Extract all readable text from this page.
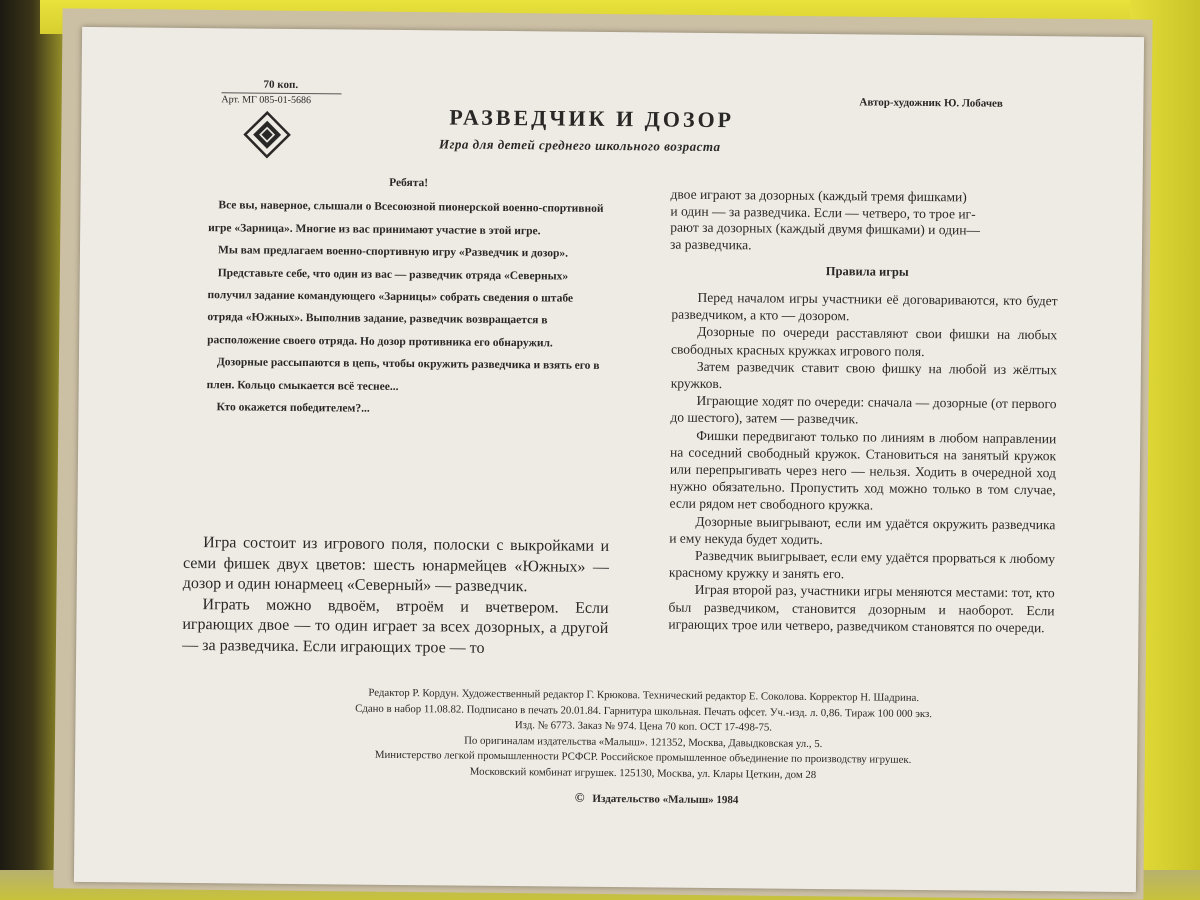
70 коп.
Арт. МГ 085-01-5686	Автор-художник Ю. Лобачев
РАЗВЕДЧИК И ДОЗОР
Игра для детей среднего школьного возраста

Ребята!

Все вы, наверное, слышали о Всесоюзной пионерской военно-спортивной игре «Зарница». Многие из вас принимают участие в этой игре.

Мы вам предлагаем военно-спортивную игру «Разведчик и дозор».

Представьте себе, что один из вас — разведчик отряда «Северных» получил задание командующего «Зарницы» собрать сведения о штабе отряда «Южных». Выполнив задание, разведчик возвращается в расположение своего отряда. Но дозор противника его обнаружил.

Дозорные рассыпаются в цепь, чтобы окружить разведчика и взять его в плен. Кольцо смыкается всё теснее...

Кто окажется победителем?...

Игра состоит из игрового поля, полоски с выкройками и семи фишек двух цветов: шесть юнармейцев «Южных» — дозор и один юнармеец «Северный» — разведчик.

Играть можно вдвоём, втроём и вчетвером. Если играющих двое — то один играет за всех дозорных, а другой — за разведчика. Если играющих трое — то

двое играют за дозорных (каждый тремя фишками)

и один — за разведчика. Если — четверо, то трое иг-

рают за дозорных (каждый двумя фишками) и один—

за разведчика.

Правила игры

Перед началом игры участники её договариваются, кто будет разведчиком, а кто — дозором.

Дозорные по очереди расставляют свои фишки на любых свободных красных кружках игрового поля.

Затем разведчик ставит свою фишку на любой из жёлтых кружков.

Играющие ходят по очереди: сначала — дозорные (от первого до шестого), затем — разведчик.

Фишки передвигают только по линиям в любом направлении на соседний свободный кружок. Становиться на занятый кружок или перепрыгивать через него — нельзя. Ходить в очередной ход нужно обязательно. Пропустить ход можно только в том случае, если рядом нет свободного кружка.

Дозорные выигрывают, если им удаётся окружить разведчика и ему некуда будет ходить.

Разведчик выигрывает, если ему удаётся прорваться к любому красному кружку и занять его.

Играя второй раз, участники игры меняются местами: тот, кто был разведчиком, становится дозорным и наоборот. Если играющих трое или четверо, разведчиком становятся по очереди.

Редактор Р. Кордун. Художественный редактор Г. Крюкова. Технический редактор Е. Соколова. Корректор Н. Шадрина.
Сдано в набор 11.08.82. Подписано в печать 20.01.84. Гарнитура школьная. Печать офсет. Уч.-изд. л. 0,86. Тираж 100 000 экз.
Изд. № 6773. Заказ № 974. Цена 70 коп. ОСТ 17-498-75.
По оригиналам издательства «Малыш». 121352, Москва, Давыдковская ул., 5.
Министерство легкой промышленности РСФСР. Российское промышленное объединение по производству игрушек.
Московский комбинат игрушек. 125130, Москва, ул. Клары Цеткин, дом 28
© Издательство «Малыш» 1984
